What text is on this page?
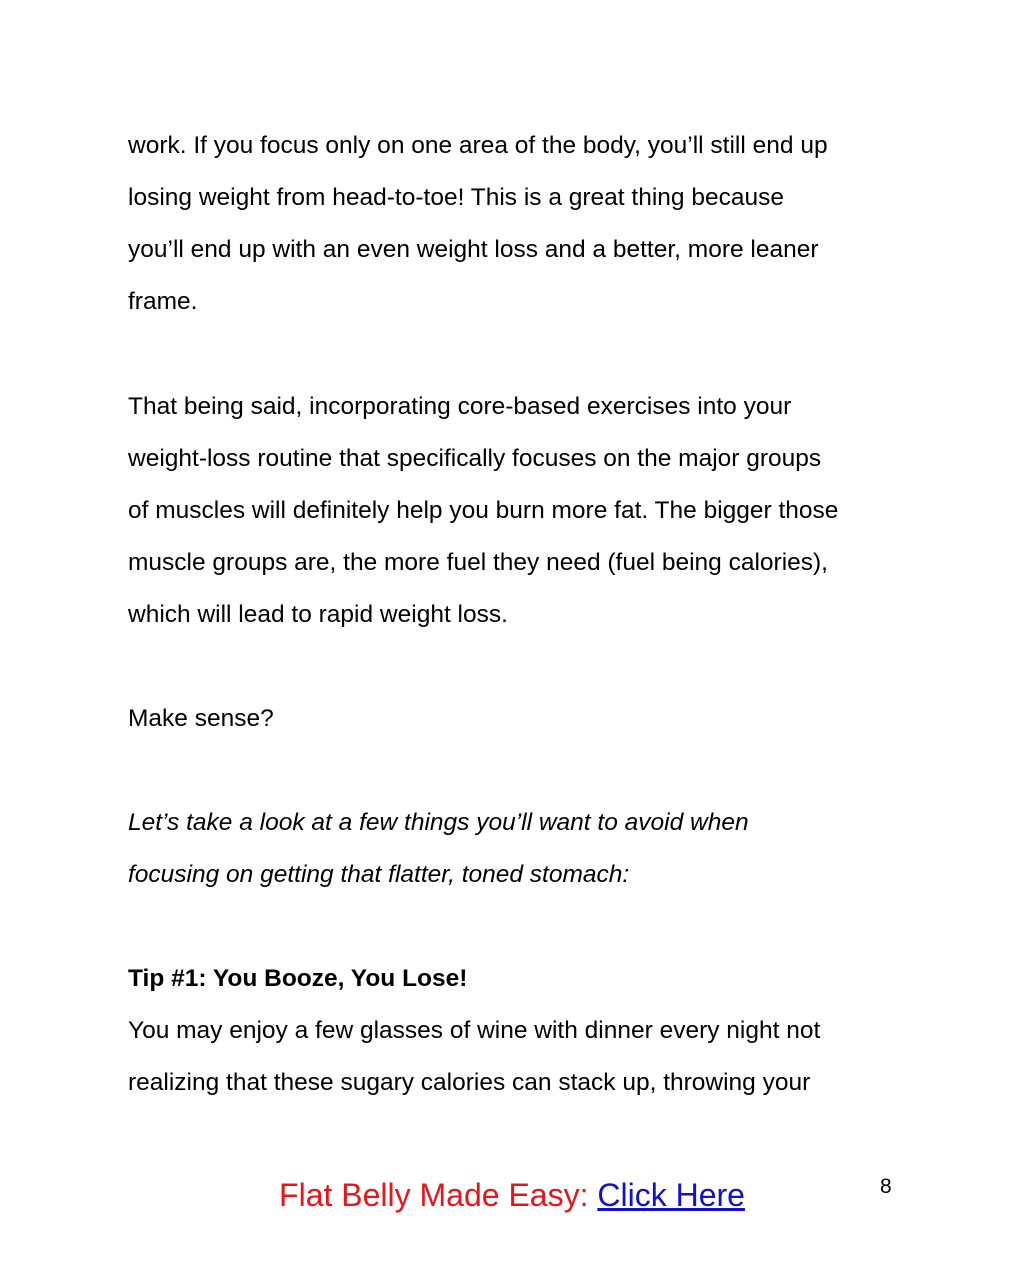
work. If you focus only on one area of the body, you’ll still end up
losing weight from head-to-toe! This is a great thing because
you’ll end up with an even weight loss and a better, more leaner
frame.
That being said, incorporating core-based exercises into your
weight-loss routine that specifically focuses on the major groups
of muscles will definitely help you burn more fat. The bigger those
muscle groups are, the more fuel they need (fuel being calories),
which will lead to rapid weight loss.
Make sense?
Let’s take a look at a few things you’ll want to avoid when
focusing on getting that flatter, toned stomach:
Tip #1: You Booze, You Lose!
You may enjoy a few glasses of wine with dinner every night not
realizing that these sugary calories can stack up, throwing your
Flat Belly Made Easy: Click Here	8
